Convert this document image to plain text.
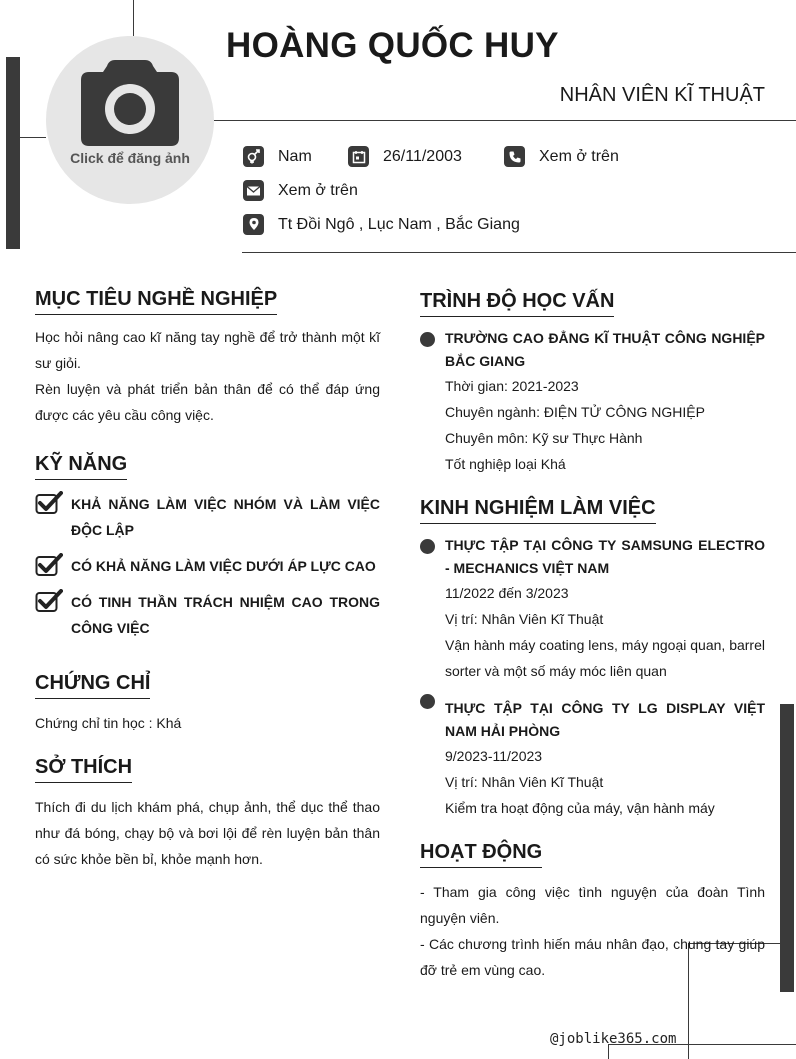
Click để đăng ảnh
HOÀNG QUỐC HUY
NHÂN VIÊN KĨ THUẬT
Nam	26/11/2003	Xem ở trên
Xem ở trên
Tt Đồi Ngô , Lục Nam , Bắc Giang
MỤC TIÊU NGHỀ NGHIỆP
Học hỏi nâng cao kĩ năng tay nghề để trở thành một kĩ sư giỏi.
Rèn luyện và phát triển bản thân để có thể đáp ứng được các yêu cầu công việc.
KỸ NĂNG
KHẢ NĂNG LÀM VIỆC NHÓM VÀ LÀM VIỆC ĐỘC LẬP
CÓ KHẢ NĂNG LÀM VIỆC DƯỚI ÁP LỰC CAO
CÓ TINH THẦN TRÁCH NHIỆM CAO TRONG CÔNG VIỆC
CHỨNG CHỈ
Chứng chỉ tin học : Khá
SỞ THÍCH
Thích đi du lịch khám phá, chụp ảnh, thể dục thể thao như đá bóng, chạy bộ và bơi lội để rèn luyện bản thân có sức khỏe bền bỉ, khỏe mạnh hơn.
TRÌNH ĐỘ HỌC VẤN
TRƯỜNG CAO ĐẲNG KĨ THUẬT CÔNG NGHIỆP BẮC GIANG
Thời gian: 2021-2023
Chuyên ngành: ĐIỆN TỬ CÔNG NGHIỆP
Chuyên môn: Kỹ sư Thực Hành
Tốt nghiệp loại Khá
KINH NGHIỆM LÀM VIỆC
THỰC TẬP TẠI CÔNG TY SAMSUNG ELECTRO - MECHANICS VIỆT NAM
11/2022 đến 3/2023
Vị trí: Nhân Viên Kĩ Thuật
Vận hành máy coating lens, máy ngoại quan, barrel sorter và một số máy móc liên quan
THỰC TẬP TẠI CÔNG TY LG DISPLAY VIỆT NAM HẢI PHÒNG
9/2023-11/2023
Vị trí: Nhân Viên Kĩ Thuật
Kiểm tra hoạt động của máy, vận hành máy
HOẠT ĐỘNG
- Tham gia công việc tình nguyện của đoàn Tình nguyện viên.
- Các chương trình hiến máu nhân đạo, chung tay giúp đỡ trẻ em vùng cao.
@joblike365.com
